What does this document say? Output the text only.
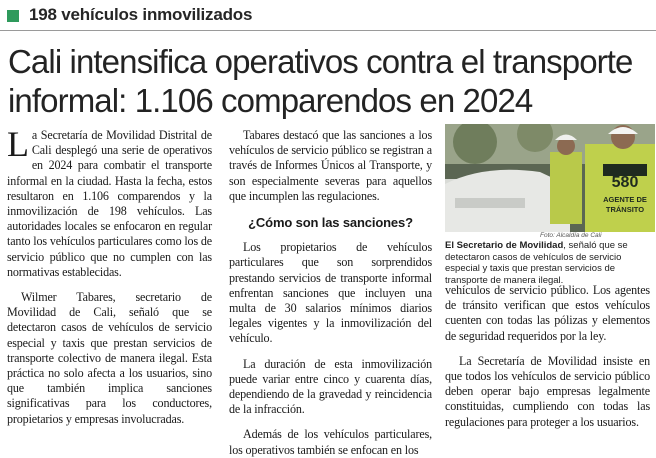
198 vehículos inmovilizados
Cali intensifica operativos contra el transporte informal: 1.106 comparendos en 2024

La Secretaría de Movilidad Distrital de Cali desplegó una serie de operativos en 2024 para combatir el transporte informal en la ciudad. Hasta la fecha, estos resultaron en 1.106 comparendos y la inmovilización de 198 vehículos. Las autoridades locales se enfocaron en regular tanto los vehículos particulares como los de servicio público que no cumplen con las normativas establecidas.

Wilmer Tabares, secretario de Movilidad de Cali, señaló que se detectaron casos de vehículos de servicio especial y taxis que prestan servicios de transporte colectivo de manera ilegal. Esta práctica no solo afecta a los usuarios, sino que también implica sanciones significativas para los conductores, propietarios y empresas involucradas.

Tabares destacó que las sanciones a los vehículos de servicio público se registran a través de Informes Únicos al Transporte, y son especialmente severas para aquellos que incumplen las regulaciones.

¿Cómo son las sanciones?

Los propietarios de vehículos particulares que son sorprendidos prestando servicios de transporte informal enfrentan sanciones que incluyen una multa de 30 salarios mínimos diarios legales vigentes y la inmovilización del vehículo.

La duración de esta inmovilización puede variar entre cinco y cuarenta días, dependiendo de la gravedad y reincidencia de la infracción.

Además de los vehículos particulares, los operativos también se enfocan en los

580
AGENTE DE
TRÁNSITO
Foto: Alcaldía de Cali
El Secretario de Movilidad, señaló que se detectaron casos de vehículos de servicio especial y taxis que prestan servicios de transporte de manera ilegal.

vehículos de servicio público. Los agentes de tránsito verifican que estos vehículos cuenten con todas las pólizas y elementos de seguridad requeridos por la ley.

La Secretaría de Movilidad insiste en que todos los vehículos de servicio público deben operar bajo empresas legalmente constituidas, cumpliendo con todas las regulaciones para proteger a los usuarios.
